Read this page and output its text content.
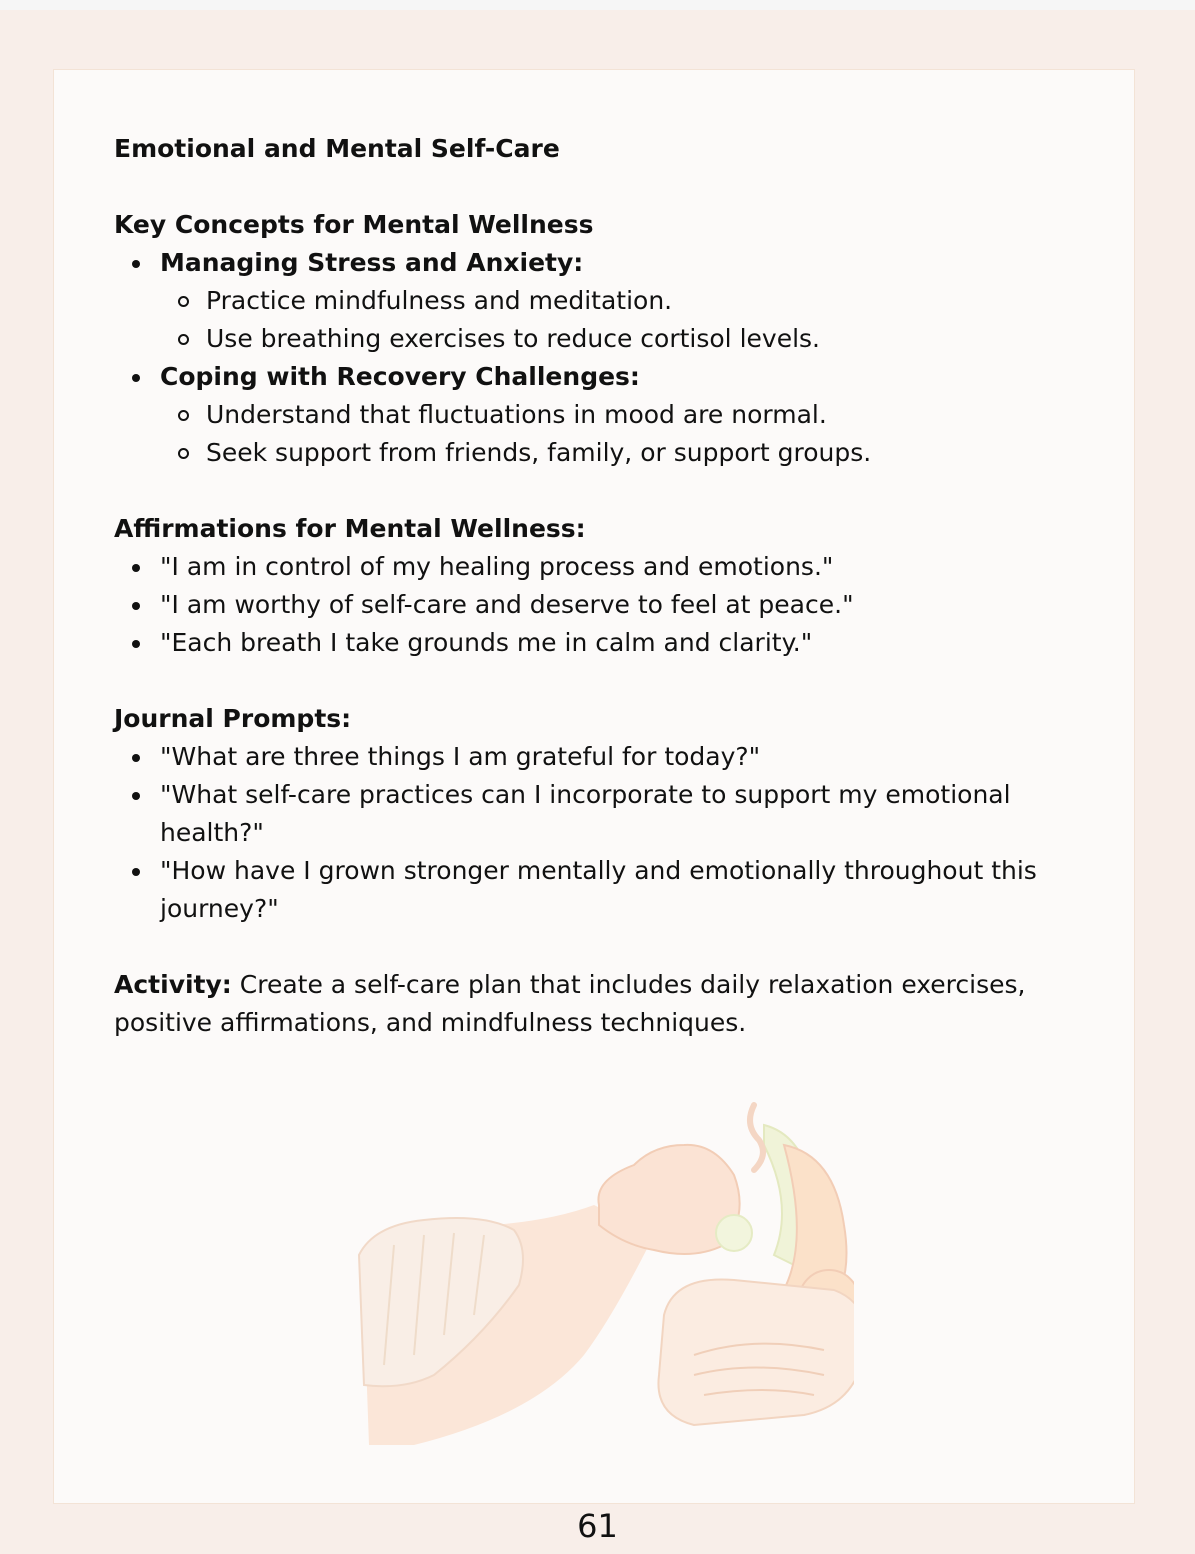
Emotional and Mental Self-Care

Key Concepts for Mental Wellness

Managing Stress and Anxiety:
Practice mindfulness and meditation.
Use breathing exercises to reduce cortisol levels.
Coping with Recovery Challenges:
Understand that fluctuations in mood are normal.
Seek support from friends, family, or support groups.

Affirmations for Mental Wellness:

"I am in control of my healing process and emotions."
"I am worthy of self-care and deserve to feel at peace."
"Each breath I take grounds me in calm and clarity."

Journal Prompts:

"What are three things I am grateful for today?"
"What self-care practices can I incorporate to support my emotional health?"
"How have I grown stronger mentally and emotionally throughout this journey?"

Activity: Create a self-care plan that includes daily relaxation exercises, positive affirmations, and mindfulness techniques.

61
